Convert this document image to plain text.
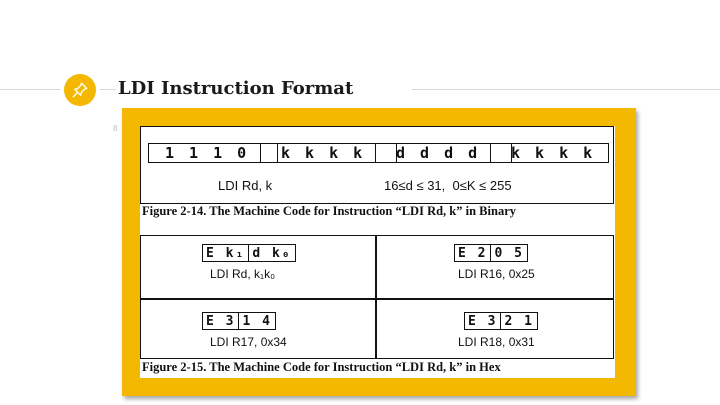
LDI Instruction Format
8
1 1 1 0 k k k k d d d d k k k k
LDI Rd, k	16≤d ≤ 31, 0≤K ≤ 255
Figure 2-14. The Machine Code for Instruction “LDI Rd, k” in Binary
E k₁ d k₀
LDI Rd, k₁k₀
E 2 0 5
LDI R16, 0x25
E 3 1 4
LDI R17, 0x34
E 3 2 1
LDI R18, 0x31
Figure 2-15. The Machine Code for Instruction “LDI Rd, k” in Hex
